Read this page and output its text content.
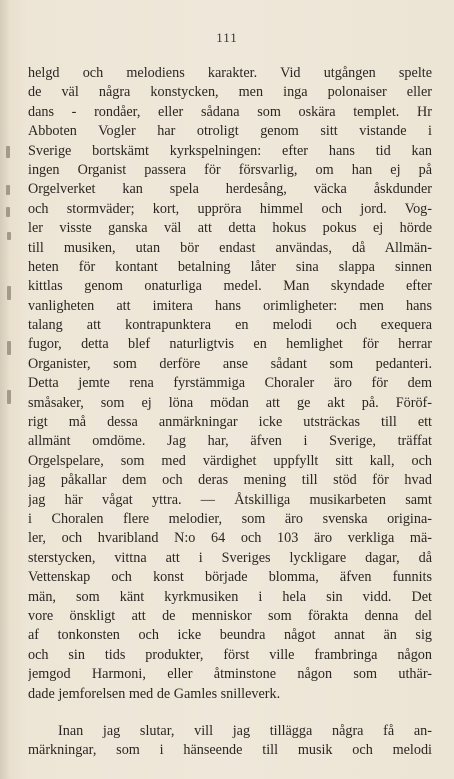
111
helgd och melodiens karakter. Vid utgången spelte
de väl några konstycken, men inga polonaiser eller
dans - rondåer, eller sådana som oskära templet. Hr
Abboten Vogler har otroligt genom sitt vistande i
Sverige bortskämt kyrkspelningen: efter hans tid kan
ingen Organist passera för försvarlig, om han ej på
Orgelverket kan spela herdesång, väcka åskdunder
och stormväder; kort, uppröra himmel och jord. Vog-
ler visste ganska väl att detta hokus pokus ej hörde
till musiken, utan bör endast användas, då Allmän-
heten för kontant betalning låter sina slappa sinnen
kittlas genom onaturliga medel. Man skyndade efter
vanligheten att imitera hans orimligheter: men hans
talang att kontrapunktera en melodi och exequera
fugor, detta blef naturligtvis en hemlighet för herrar
Organister, som derföre anse sådant som pedanteri.
Detta jemte rena fyrstämmiga Choraler äro för dem
småsaker, som ej löna mödan att ge akt på. Föröf-
rigt må dessa anmärkningar icke utsträckas till ett
allmänt omdöme. Jag har, äfven i Sverige, träffat
Orgelspelare, som med värdighet uppfyllt sitt kall, och
jag påkallar dem och deras mening till stöd för hvad
jag här vågat yttra. — Åtskilliga musikarbeten samt
i Choralen flere melodier, som äro svenska origina-
ler, och hvaribland N:o 64 och 103 äro verkliga mä-
sterstycken, vittna att i Sveriges lyckligare dagar, då
Vettenskap och konst började blomma, äfven funnits
män, som känt kyrkmusiken i hela sin vidd. Det
vore önskligt att de menniskor som förakta denna del
af tonkonsten och icke beundra något annat än sig
och sin tids produkter, först ville frambringa någon
jemgod Harmoni, eller åtminstone någon som uthär-
dade jemforelsen med de Gamles snilleverk.
Inan jag slutar, vill jag tillägga några få an-
märkningar, som i hänseende till musik och melodi
